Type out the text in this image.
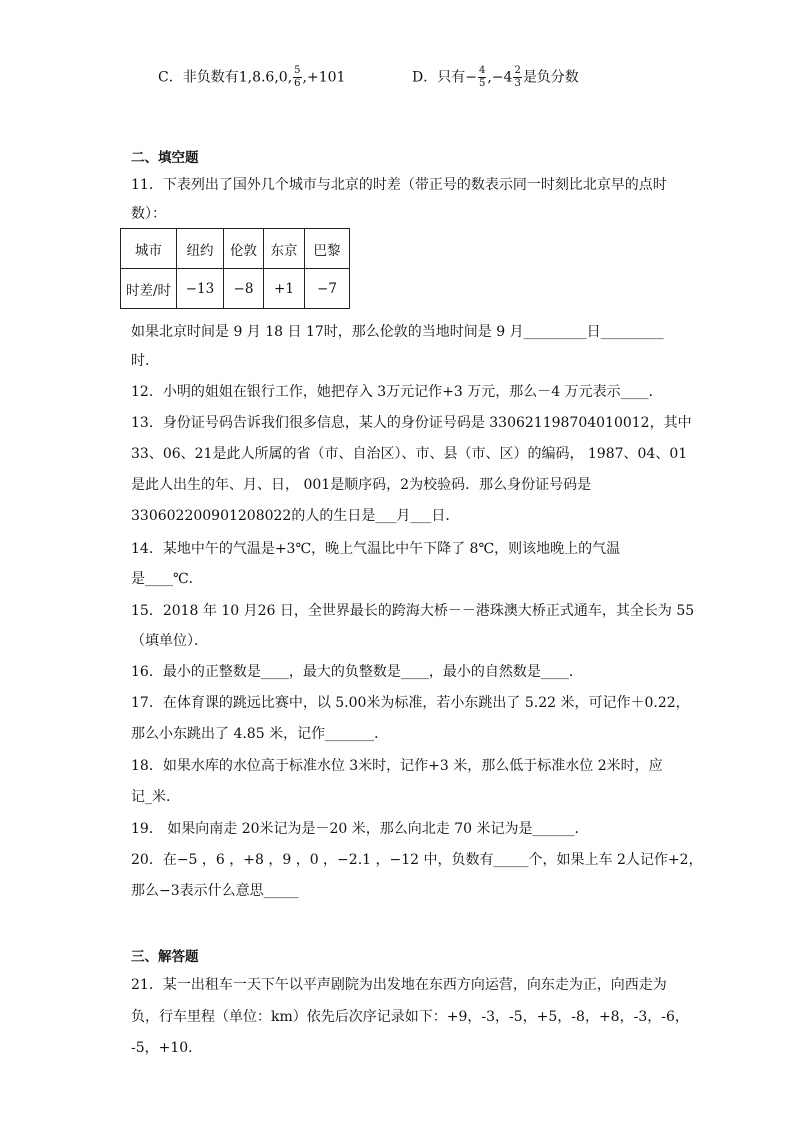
C．非负数有1,8.6,0, $\frac{5}{6} ,+101$	D．只有− $\frac{4}{5} ,-4 \frac{2}{3}$ 是负分数
二、填空题
11．下表列出了国外几个城市与北京的时差（带正号的数表示同一时刻比北京早的点时
数）：
城市	纽约	伦敦	东京	巴黎
时差/时	−13	−8	+1	−7
如果北京时间是 9 月 18 日 17时，那么伦敦的当地时间是 9 月_________日_________
时．
12．小明的姐姐在银行工作，她把存入 3万元记作+3 万元，那么－4 万元表示____．
13．身份证号码告诉我们很多信息，某人的身份证号码是 330621198704010012，其中
33、06、21是此人所属的省（市、自治区）、市、县（市、区）的编码， 1987、04、01
是此人出生的年、月、日， 001是顺序码，2为校验码．那么身份证号码是
330602200901208022的人的生日是___月___日．
14．某地中午的气温是+3℃，晚上气温比中午下降了 8℃，则该地晚上的气温
是____℃．
15．2018 年 10 月26 日，全世界最长的跨海大桥－－港珠澳大桥正式通车，其全长为 55
（填单位）．
16．最小的正整数是____，最大的负整数是____，最小的自然数是____．
17．在体育课的跳远比赛中，以 5.00米为标准，若小东跳出了 5.22 米，可记作＋0.22，
那么小东跳出了 4.85 米，记作_______．
18．如果水库的水位高于标准水位 3米时，记作+3 米，那么低于标准水位 2米时，应
记_米.
19． 如果向南走 20米记为是－20 米，那么向北走 70 米记为是______．
20．在−5 ，6 ，+8 ，9 ，0 ，−2.1 ，−12 中，负数有_____个，如果上车 2人记作+2，
那么−3表示什么意思_____
三、解答题
21．某一出租车一天下午以平声剧院为出发地在东西方向运营，向东走为正，向西走为
负，行车里程（单位：km）依先后次序记录如下：+9，-3，-5，+5，-8，+8，-3，-6，
-5，+10．
